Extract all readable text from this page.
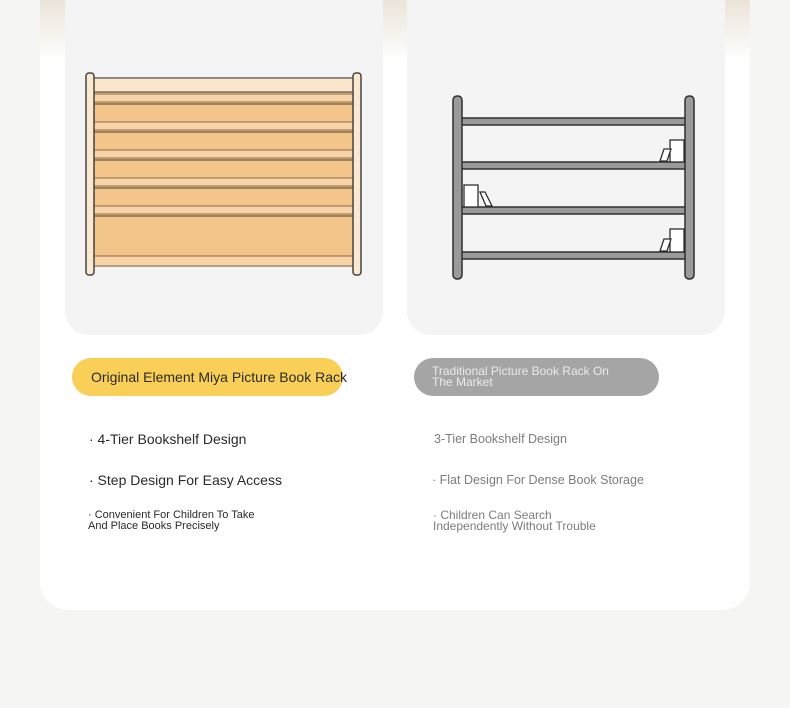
Original Element Miya Picture Book Rack	Traditional Picture Book Rack On
The Market
· 4-Tier Bookshelf Design
· Step Design For Easy Access
· Convenient For Children To Take
And Place Books Precisely
3-Tier Bookshelf Design
· Flat Design For Dense Book Storage
· Children Can Search
Independently Without Trouble
